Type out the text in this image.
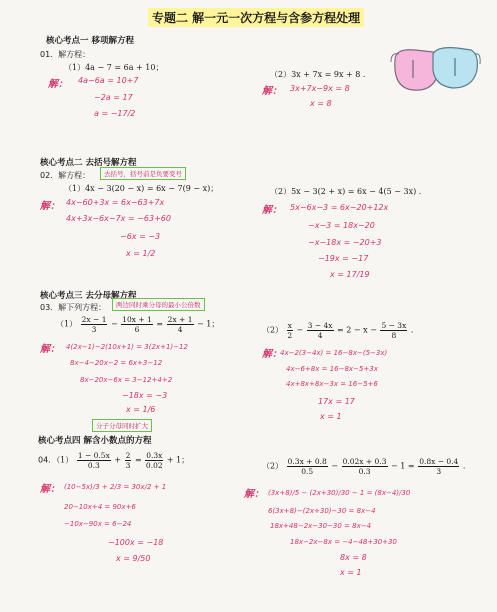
专题二 解一元一次方程与含参方程处理
核心考点一 移项解方程
01．解方程：
（1）4a − 7 = 6a + 10；
解： 4a−6a = 10+7
−2a = 17
a = −17/2
（2）3x + 7x = 9x + 8 .
解： 3x+7x−9x = 8
x = 8
核心考点二 去括号解方程
02．解方程：	去括号，括号前是负要变号
（1）4x − 3(20 − x) = 6x − 7(9 − x)；
解： 4x−60+3x = 6x−63+7x
4x+3x−6x−7x = −63+60
−6x = −3
x = 1/2
（2）5x − 3(2 + x) = 6x − 4(5 − 3x) .
解： 5x−6x−3 = 6x−20+12x
−x−3 = 18x−20
−x−18x = −20+3
−19x = −17
x = 17/19
核心考点三 去分母解方程
03．解下列方程：	两边同时乘分母的最小公倍数
$(1) \frac{2x - 1}{3} - \frac{10x + 1}{6} = \frac{2x + 1}{4} - 1$；
解： 4(2x−1)−2(10x+1) = 3(2x+1)−12
8x−4−20x−2 = 6x+3−12
8x−20x−6x = 3−12+4+2
−18x = −3
x = 1/6
$(2) \frac{x}{2} - \frac{3 - 4x}{4} = 2 - x - \frac{5 - 3x}{8}$ .
解：
4x−2(3−4x) = 16−8x−(5−3x)
4x−6+8x = 16−8x−5+3x
4x+8x+8x−3x = 16−5+6
17x = 17
x = 1
分子分母同时扩大
核心考点四 解含小数点的方程
04．$(1) \frac{1 - 0.5x}{0.3} + \frac{2}{3} = \frac{0.3x}{0.02} + 1$；
解： (10−5x)/3 + 2/3 = 30x/2 + 1
20−10x+4 = 90x+6
−10x−90x = 6−24
−100x = −18
x = 9/50
$(2) \frac{0.3x + 0.8}{0.5} - \frac{0.02x + 0.3}{0.3} - 1 = \frac{0.8x - 0.4}{3}$ .
解： (3x+8)/5 − (2x+30)/30 − 1 = (8x−4)/30
6(3x+8)−(2x+30)−30 = 8x−4
18x+48−2x−30−30 = 8x−4
18x−2x−8x = −4−48+30+30
8x = 8
x = 1
